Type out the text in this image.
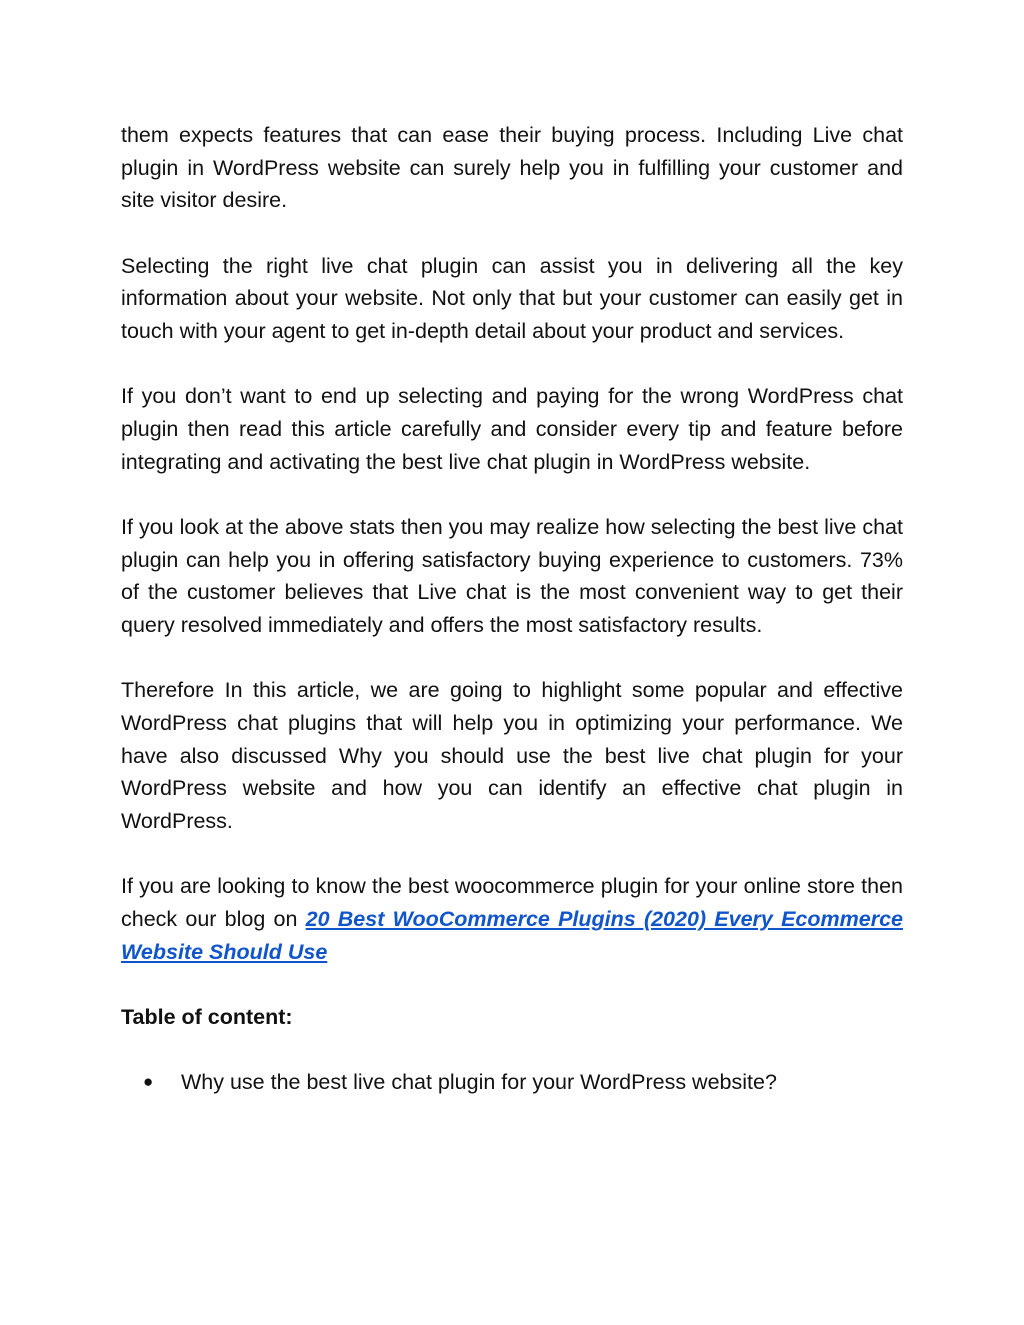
them expects features that can ease their buying process. Including Live chat plugin in WordPress website can surely help you in fulfilling your customer and site visitor desire.

Selecting the right live chat plugin can assist you in delivering all the key information about your website. Not only that but your customer can easily get in touch with your agent to get in-depth detail about your product and services.

If you don’t want to end up selecting and paying for the wrong WordPress chat plugin then read this article carefully and consider every tip and feature before integrating and activating the best live chat plugin in WordPress website.

If you look at the above stats then you may realize how selecting the best live chat plugin can help you in offering satisfactory buying experience to customers. 73% of the customer believes that Live chat is the most convenient way to get their query resolved immediately and offers the most satisfactory results.

Therefore In this article, we are going to highlight some popular and effective WordPress chat plugins that will help you in optimizing your performance. We have also discussed Why you should use the best live chat plugin for your WordPress website and how you can identify an effective chat plugin in WordPress.

If you are looking to know the best woocommerce plugin for your online store then check our blog on 20 Best WooCommerce Plugins (2020) Every Ecommerce Website Should Use

Table of content:

● Why use the best live chat plugin for your WordPress website?
